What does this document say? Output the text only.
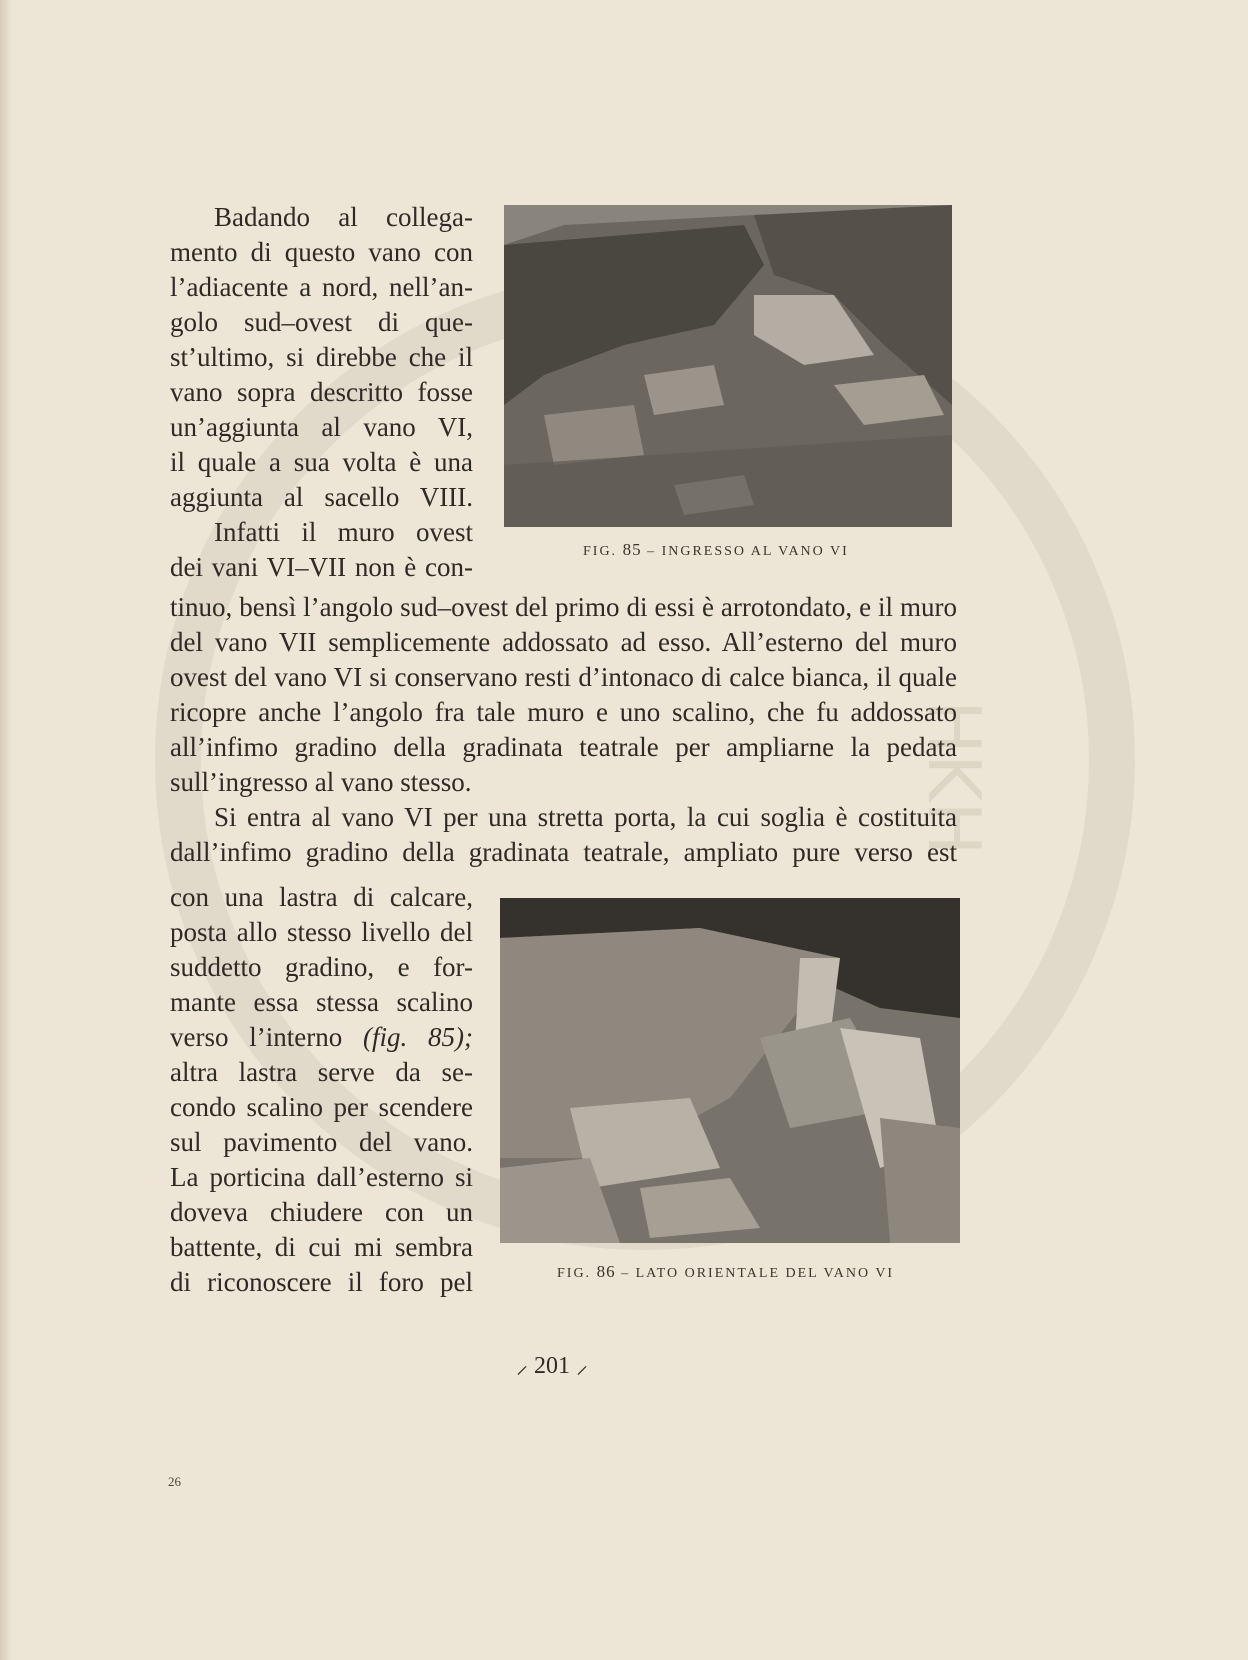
ΗΚΗ

Badando al collega-

mento di questo vano con

l’adiacente a nord, nell’an-

golo sud–ovest di que-

st’ultimo, si direbbe che il

vano sopra descritto fosse

un’aggiunta al vano VI,

il quale a sua volta è una

aggiunta al sacello VIII.

Infatti il muro ovest

dei vani VI–VII non è con-

FIG. 85 – INGRESSO AL VANO VI

tinuo, bensì l’angolo sud–ovest del primo di essi è arrotondato, e il muro del vano VII semplicemente addossato ad esso. All’esterno del muro ovest del vano VI si conservano resti d’intonaco di calce bianca, il quale ricopre anche l’angolo fra tale muro e uno scalino, che fu addossato all’infimo gradino della gradinata teatrale per ampliarne la pedata sull’ingresso al vano stesso.

Si entra al vano VI per una stretta porta, la cui soglia è costituita dall’infimo gradino della gradinata teatrale, ampliato pure verso est

con una lastra di calcare,

posta allo stesso livello del

suddetto gradino, e for-

mante essa stessa scalino

verso l’interno (fig. 85);

altra lastra serve da se-

condo scalino per scendere

sul pavimento del vano.

La porticina dall’esterno si

doveva chiudere con un

battente, di cui mi sembra

di riconoscere il foro pel	FIG. 86 – LATO ORIENTALE DEL VANO VI
⸝ 201 ⸝
26
